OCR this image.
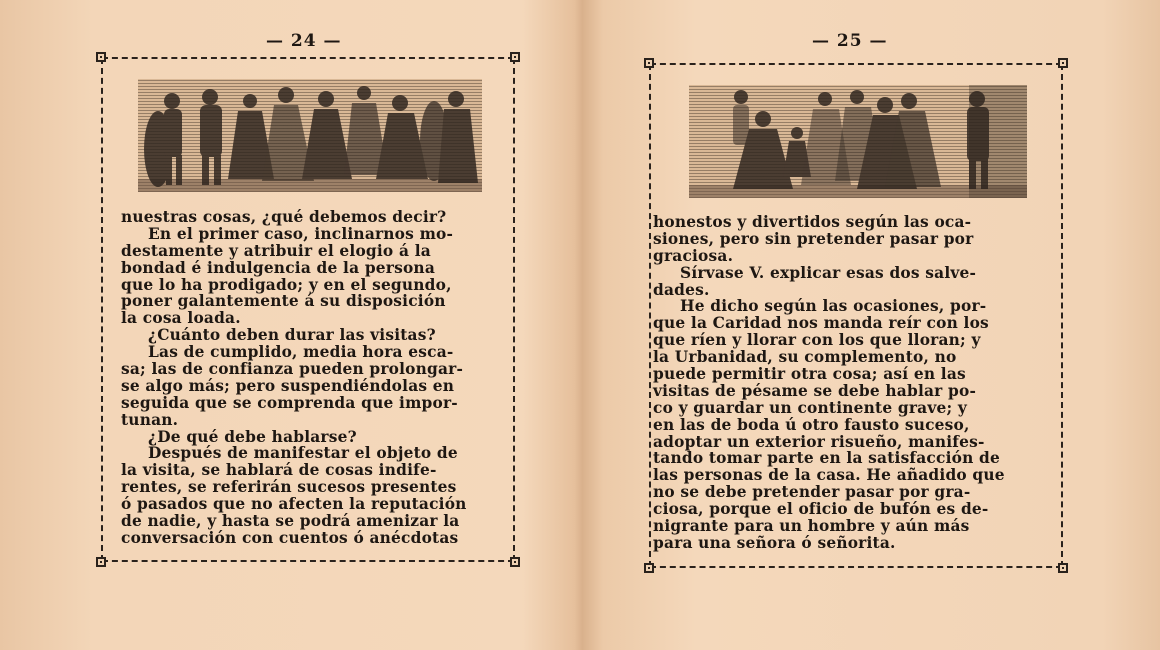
— 24 —
nuestras cosas, ¿qué debemos decir?
En el primer caso, inclinarnos mo-
destamente y atribuir el elogio á la
bondad é indulgencia de la persona
que lo ha prodigado; y en el segundo,
poner galantemente á su disposición
la cosa loada.
¿Cuánto deben durar las visitas?
Las de cumplido, media hora esca-
sa; las de confianza pueden prolongar-
se algo más; pero suspendiéndolas en
seguida que se comprenda que impor-
tunan.
¿De qué debe hablarse?
Después de manifestar el objeto de
la visita, se hablará de cosas indife-
rentes, se referirán sucesos presentes
ó pasados que no afecten la reputación
de nadie, y hasta se podrá amenizar la
conversación con cuentos ó anécdotas
— 25 —
honestos y divertidos según las oca-
siones, pero sin pretender pasar por
graciosa.
Sírvase V. explicar esas dos salve-
dades.
He dicho según las ocasiones, por-
que la Caridad nos manda reír con los
que ríen y llorar con los que lloran; y
la Urbanidad, su complemento, no
puede permitir otra cosa; así en las
visitas de pésame se debe hablar po-
co y guardar un continente grave; y
en las de boda ú otro fausto suceso,
adoptar un exterior risueño, manifes-
tando tomar parte en la satisfacción de
las personas de la casa. He añadido que
no se debe pretender pasar por gra-
ciosa, porque el oficio de bufón es de-
nigrante para un hombre y aún más
para una señora ó señorita.
